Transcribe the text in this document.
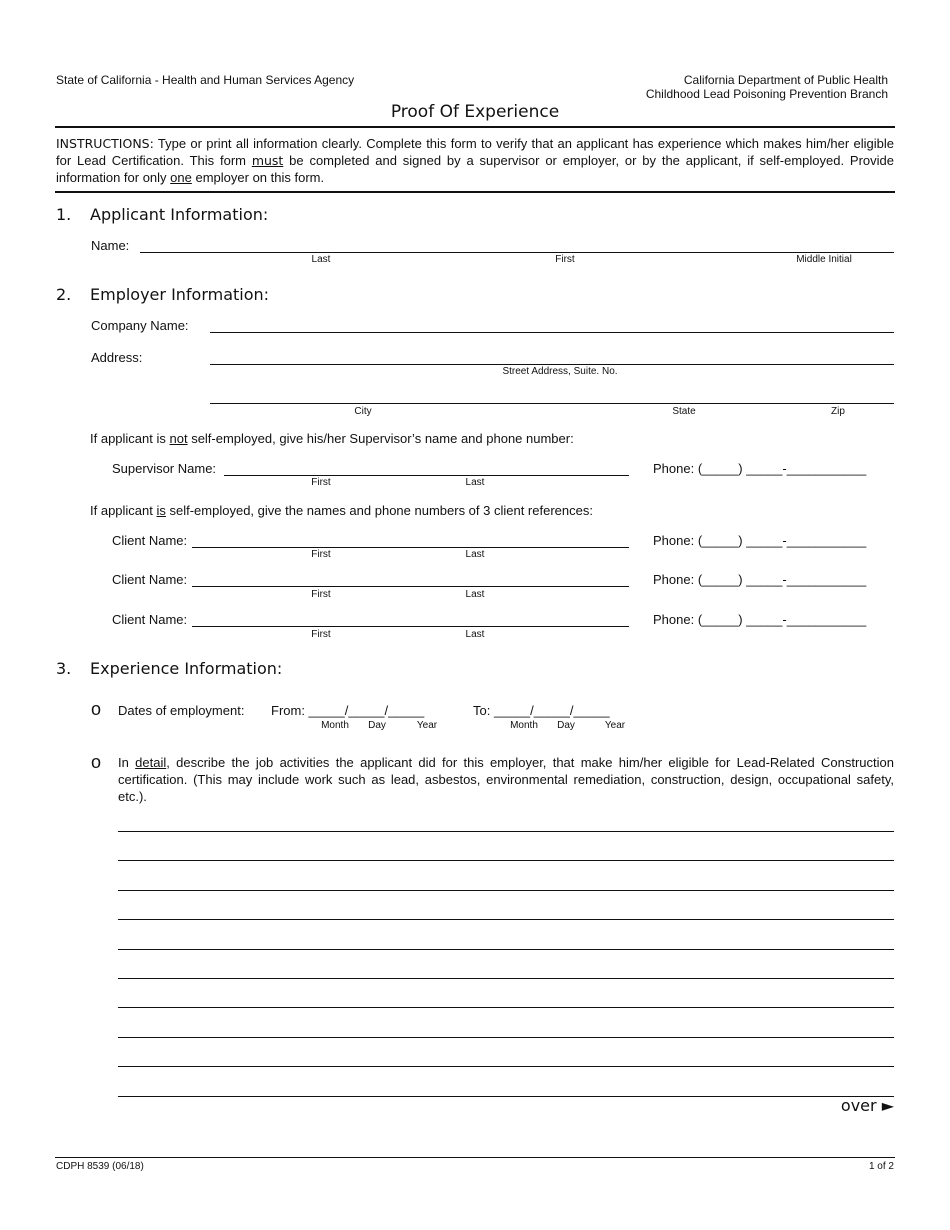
State of California - Health and Human Services Agency	California Department of Public Health
Childhood Lead Poisoning Prevention Branch
Proof Of Experience
INSTRUCTIONS: Type or print all information clearly. Complete this form to verify that an applicant has experience which makes him/her eligible for Lead Certification. This form must be completed and signed by a supervisor or employer, or by the applicant, if self-employed. Provide information for only one employer on this form.
1. Applicant Information:
Name:
Last	First	Middle Initial
2. Employer Information:
Company Name:
Address:
Street Address, Suite. No.
City	State	Zip
If applicant is not self-employed, give his/her Supervisor’s name and phone number:
Supervisor Name:	Phone: (_____) _____-___________
First	Last
If applicant is self-employed, give the names and phone numbers of 3 client references:
Client Name:	Phone: (_____) _____-___________
First	Last
Client Name:	Phone: (_____) _____-___________
First	Last
Client Name:	Phone: (_____) _____-___________
First	Last
3. Experience Information:
o Dates of employment: From: _____/_____/_____	To: _____/_____/_____
Month	Day	Year	Month	Day	Year
o In detail, describe the job activities the applicant did for this employer, that make him/her eligible for Lead-Related Construction certification. (This may include work such as lead, asbestos, environmental remediation, construction, design, occupational safety, etc.).
over ►
CDPH 8539 (06/18)	1 of 2
